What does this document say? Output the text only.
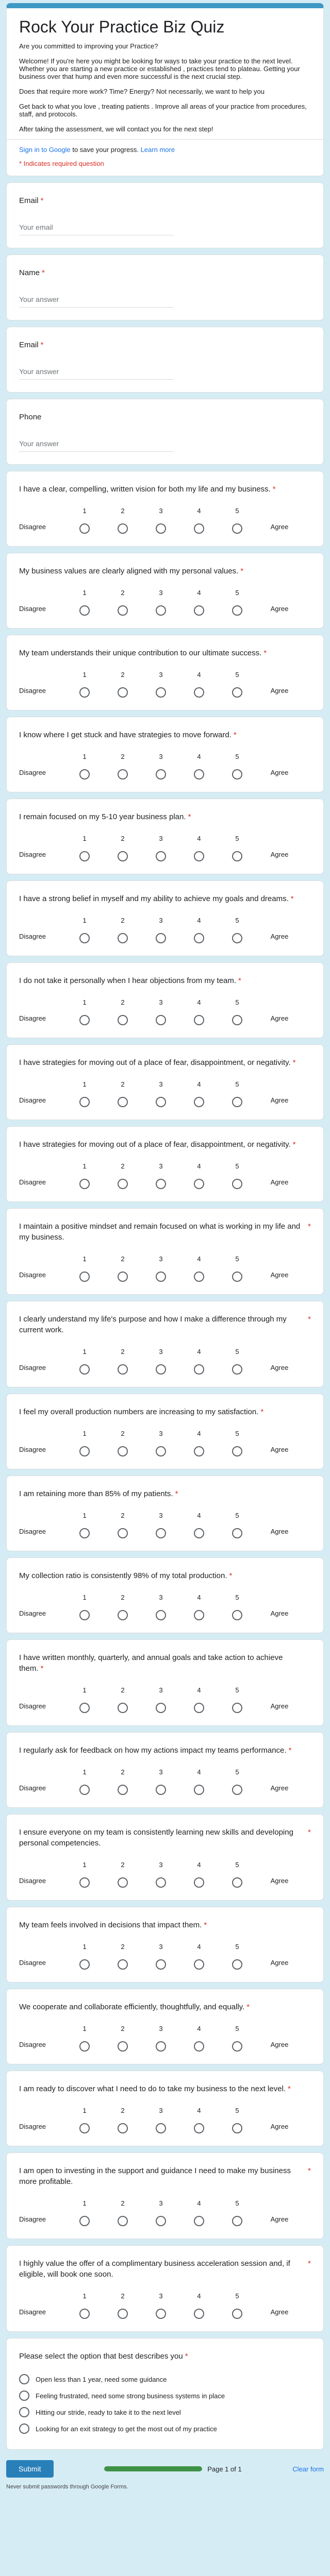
Rock Your Practice Biz Quiz

Are you committed to improving your Practice?

Welcome! If you're here you might be looking for ways to take your practice to the next level. Whether you are starting a new practice or established , practices tend to plateau. Getting your business over that hump and even more successful is the next crucial step.

Does that require more work? Time? Energy? Not necessarily, we want to help you

Get back to what you love , treating patients . Improve all areas of your practice from procedures, staff, and protocols.

After taking the assessment, we will contact you for the next step!

Sign in to Google to save your progress. Learn more
* Indicates required question
Email *
Your email
Name *
Your answer
Email *
Your answer
Phone
Your answer
I have a clear, compelling, written vision for both my life and my business. *
Disagree
1	2	3	4	5
Agree
My business values are clearly aligned with my personal values. *
Disagree
1	2	3	4	5
Agree
My team understands their unique contribution to our ultimate success. *
Disagree
1	2	3	4	5
Agree
I know where I get stuck and have strategies to move forward. *
Disagree
1	2	3	4	5
Agree
I remain focused on my 5-10 year business plan. *
Disagree
1	2	3	4	5
Agree
I have a strong belief in myself and my ability to achieve my goals and dreams. *
Disagree
1	2	3	4	5
Agree
I do not take it personally when I hear objections from my team. *
Disagree
1	2	3	4	5
Agree
I have strategies for moving out of a place of fear, disappointment, or negativity. *
Disagree
1	2	3	4	5
Agree
I have strategies for moving out of a place of fear, disappointment, or negativity. *
Disagree
1	2	3	4	5
Agree
I maintain a positive mindset and remain focused on what is working in my life and my business.
*
Disagree
1	2	3	4	5
Agree
I clearly understand my life's purpose and how I make a difference through my current work.
*
Disagree
1	2	3	4	5
Agree
I feel my overall production numbers are increasing to my satisfaction. *
Disagree
1	2	3	4	5
Agree
I am retaining more than 85% of my patients. *
Disagree
1	2	3	4	5
Agree
My collection ratio is consistently 98% of my total production. *
Disagree
1	2	3	4	5
Agree
I have written monthly, quarterly, and annual goals and take action to achieve them. *
Disagree
1	2	3	4	5
Agree
I regularly ask for feedback on how my actions impact my teams performance. *
Disagree
1	2	3	4	5
Agree
I ensure everyone on my team is consistently learning new skills and developing personal competencies.
*
Disagree
1	2	3	4	5
Agree
My team feels involved in decisions that impact them. *
Disagree
1	2	3	4	5
Agree
We cooperate and collaborate efficiently, thoughtfully, and equally. *
Disagree
1	2	3	4	5
Agree
I am ready to discover what I need to do to take my business to the next level. *
Disagree
1	2	3	4	5
Agree
I am open to investing in the support and guidance I need to make my business more profitable.
*
Disagree
1	2	3	4	5
Agree
I highly value the offer of a complimentary business acceleration session and, if eligible, will book one soon.
*
Disagree
1	2	3	4	5
Agree
Please select the option that best describes you *
Open less than 1 year, need some guidance
Feeling frustrated, need some strong business systems in place
Hitting our stride, ready to take it to the next level
Looking for an exit strategy to get the most out of my practice
Submit	Page 1 of 1	Clear form
Never submit passwords through Google Forms.
